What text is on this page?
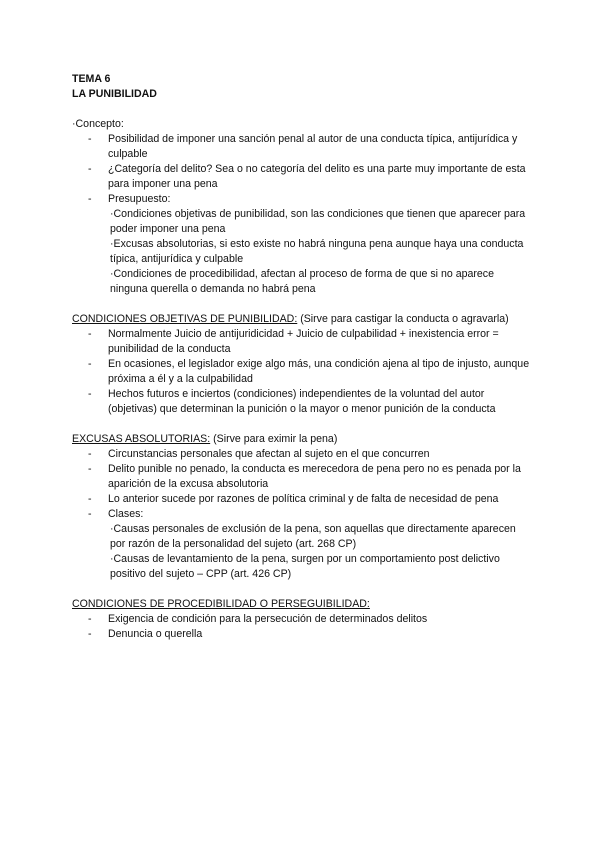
TEMA 6
LA PUNIBILIDAD
·Concepto:
- Posibilidad de imponer una sanción penal al autor de una conducta típica, antijurídica y culpable
- ¿Categoría del delito? Sea o no categoría del delito es una parte muy importante de esta para imponer una pena
- Presupuesto:
·Condiciones objetivas de punibilidad, son las condiciones que tienen que aparecer para poder imponer una pena
·Excusas absolutorias, si esto existe no habrá ninguna pena aunque haya una conducta típica, antijurídica y culpable
·Condiciones de procedibilidad, afectan al proceso de forma de que si no aparece ninguna querella o demanda no habrá pena
CONDICIONES OBJETIVAS DE PUNIBILIDAD: (Sirve para castigar la conducta o agravarla)
- Normalmente Juicio de antijuridicidad + Juicio de culpabilidad + inexistencia error = punibilidad de la conducta
- En ocasiones, el legislador exige algo más, una condición ajena al tipo de injusto, aunque próxima a él y a la culpabilidad
- Hechos futuros e inciertos (condiciones) independientes de la voluntad del autor (objetivas) que determinan la punición o la mayor o menor punición de la conducta
EXCUSAS ABSOLUTORIAS: (Sirve para eximir la pena)
- Circunstancias personales que afectan al sujeto en el que concurren
- Delito punible no penado, la conducta es merecedora de pena pero no es penada por la aparición de la excusa absolutoria
- Lo anterior sucede por razones de política criminal y de falta de necesidad de pena
- Clases:
·Causas personales de exclusión de la pena, son aquellas que directamente aparecen por razón de la personalidad del sujeto (art. 268 CP)
·Causas de levantamiento de la pena, surgen por un comportamiento post delictivo positivo del sujeto – CPP (art. 426 CP)
CONDICIONES DE PROCEDIBILIDAD O PERSEGUIBILIDAD:
- Exigencia de condición para la persecución de determinados delitos
- Denuncia o querella
